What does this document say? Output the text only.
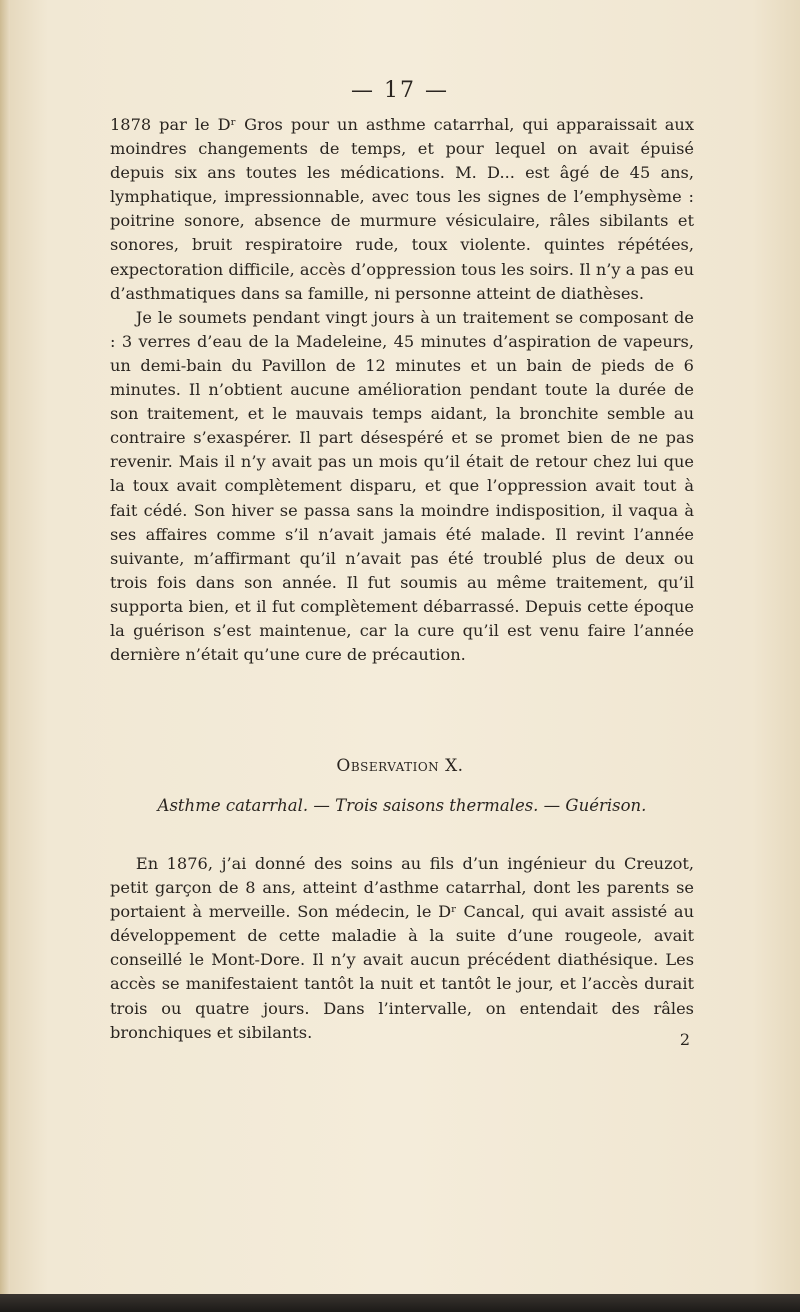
— 17 —

1878 par le Dʳ Gros pour un asthme catarrhal, qui apparaissait aux moindres changements de temps, et pour lequel on avait épuisé depuis six ans toutes les médications. M. D... est âgé de 45 ans, lymphatique, impressionnable, avec tous les signes de l’emphysème : poitrine sonore, absence de murmure vésiculaire, râles sibilants et sonores, bruit respiratoire rude, toux violente. quintes répétées, expectoration difficile, accès d’oppression tous les soirs. Il n’y a pas eu d’asthmatiques dans sa famille, ni personne atteint de diathèses.

Je le soumets pendant vingt jours à un traitement se composant de : 3 verres d’eau de la Madeleine, 45 minutes d’aspiration de vapeurs, un demi-bain du Pavillon de 12 minutes et un bain de pieds de 6 minutes. Il n’obtient aucune amélioration pendant toute la durée de son traitement, et le mauvais temps aidant, la bronchite semble au contraire s’exaspérer. Il part désespéré et se promet bien de ne pas revenir. Mais il n’y avait pas un mois qu’il était de retour chez lui que la toux avait complètement disparu, et que l’oppression avait tout à fait cédé. Son hiver se passa sans la moindre indisposition, il vaqua à ses affaires comme s’il n’avait jamais été malade. Il revint l’année suivante, m’affirmant qu’il n’avait pas été troublé plus de deux ou trois fois dans son année. Il fut soumis au même traitement, qu’il supporta bien, et il fut complètement débarrassé. Depuis cette époque la guérison s’est maintenue, car la cure qu’il est venu faire l’année dernière n’était qu’une cure de précaution.

Observation X.
Asthme catarrhal. — Trois saisons thermales. — Guérison.

En 1876, j’ai donné des soins au fils d’un ingénieur du Creuzot, petit garçon de 8 ans, atteint d’asthme catarrhal, dont les parents se portaient à merveille. Son médecin, le Dʳ Cancal, qui avait assisté au développement de cette maladie à la suite d’une rougeole, avait conseillé le Mont-Dore. Il n’y avait aucun précédent diathésique. Les accès se manifestaient tantôt la nuit et tantôt le jour, et l’accès durait trois ou quatre jours. Dans l’intervalle, on entendait des râles bronchiques et sibilants.	2
